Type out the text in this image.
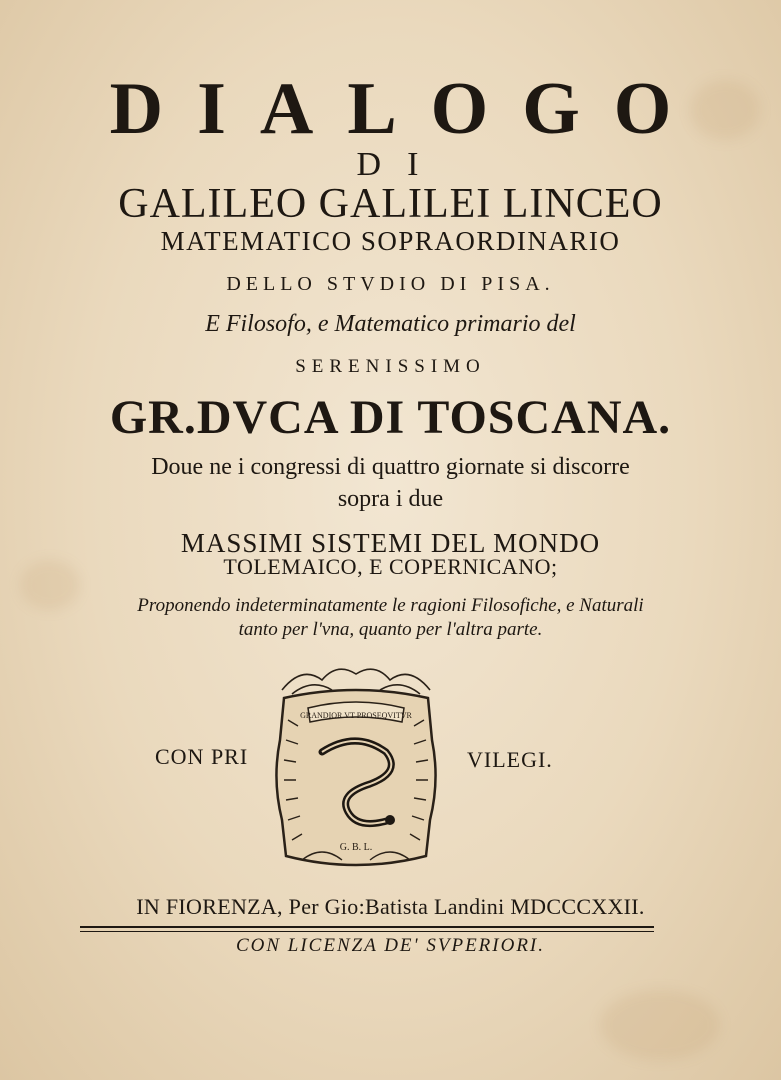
DIALOGO
DI
GALILEO GALILEI LINCEO
MATEMATICO SOPRAORDINARIO
DELLO STVDIO DI PISA.
E Filosofo, e Matematico primario del
SERENISSIMO
GR.DVCA DI TOSCANA.
Doue ne i congressi di quattro giornate si discorre
sopra i due
MASSIMI SISTEMI DEL MONDO
TOLEMAICO, E COPERNICANO;
Proponendo indeterminatamente le ragioni Filosofiche, e Naturali
tanto per l'vna, quanto per l'altra parte.
CON PRI
GRANDIOR VT PROSEQVITVR
G. B. L.
VILEGI.
IN FIORENZA, Per Gio:Batista Landini MDCCCXXII.
CON LICENZA DE' SVPERIORI.
